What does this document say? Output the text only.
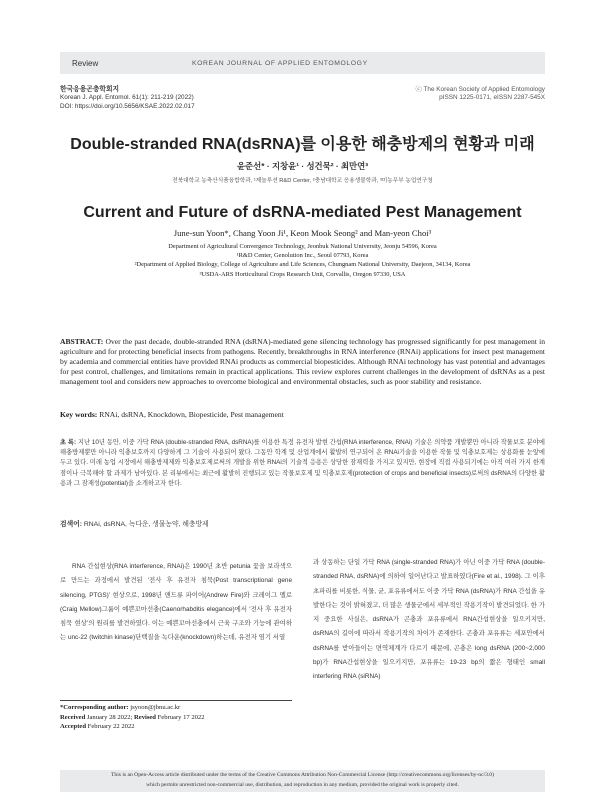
Review	KOREAN JOURNAL OF APPLIED ENTOMOLOGY
한국응용곤충학회지
Korean J. Appl. Entomol. 61(1): 211-219 (2022)
DOI: https://doi.org/10.5656/KSAE.2022.02.017
ⓒ The Korean Society of Applied Entomology
pISSN 1225-0171, eISSN 2287-545X
Double-stranded RNA(dsRNA)를 이용한 해충방제의 현황과 미래
윤준선* · 지창윤¹ · 성건묵² · 최만연³
전북대학교 농축산식품융합학과, ¹제놀루션 R&D Center, ²충남대학교 응용생물학과, ³미농무부 농업연구청
Current and Future of dsRNA-mediated Pest Management
June-sun Yoon*, Chang Yoon Ji¹, Keon Mook Seong² and Man-yeon Choi³
Department of Agricultural Convergence Technology, Jeonbuk National University, Jeonju 54596, Korea
¹R&D Center, Genolution Inc., Seoul 07793, Korea
²Department of Applied Biology, College of Agriculture and Life Sciences, Chungnam National University, Daejeon, 34134, Korea
³USDA-ARS Horticultural Crops Research Unit, Corvallis, Oregon 97330, USA
ABSTRACT: Over the past decade, double-stranded RNA (dsRNA)-mediated gene silencing technology has progressed significantly for pest management in agriculture and for protecting beneficial insects from pathogens. Recently, breakthroughs in RNA interference (RNAi) applications for insect pest management by academia and commercial entities have provided RNAi products as commercial biopesticides. Although RNAi technology has vast potential and advantages for pest control, challenges, and limitations remain in practical applications. This review explores current challenges in the development of dsRNAs as a pest management tool and considers new approaches to overcome biological and environmental obstacles, such as poor stability and resistance.
Key words: RNAi, dsRNA, Knockdown, Biopesticide, Pest management
초 록: 지난 10년 동안, 이중 가닥 RNA (double-stranded RNA, dsRNA)를 이용한 특정 유전자 발현 간섭(RNA interference, RNAi) 기술은 의약품 개발뿐만 아니라 작물보호 분야에 해충방제뿐만 아니라 익충보호까지 다양하게 그 기술이 사용되어 왔다. 그동안 학계 및 산업계에서 활발히 연구되어 온 RNAi기술을 이용한 작물 및 익충보호제는 상용화를 눈앞에 두고 있다. 미래 농업 시장에서 해충방제제와 익충보호제로써의 개발을 위한 RNAi의 기술적 응용은 상당한 잠재력을 가지고 있지만, 현장에 직접 사용되기에는 아직 여러 가지 한계점이나 극복해야 할 과제가 남아있다. 본 리뷰에서는 최근에 활발히 진행되고 있는 작물보호제 및 익충보호제(protection of crops and beneficial insects)로써의 dsRNA의 다양한 활용과 그 잠재성(potential)을 소개하고자 한다.
검색어: RNAi, dsRNA, 녹다운, 생물농약, 해충방제
RNA 간섭현상(RNA interference, RNAi)은 1990년 초반 petunia 꽃을 보라색으로 만드는 과정에서 발견된 ‘전사 후 유전자 침묵(Post transcriptional gene silencing, PTGS)’ 현상으로, 1998년 앤드류 파이어(Andrew Fire)와 크레이그 멜로(Craig Mellow)그룹이 예쁜꼬마선충(Caenorhabditis elegance)에서 ‘전사 후 유전자 침묵 현상’의 원리를 발견하였다. 이는 예쁜꼬마선충에서 근육 구조와 기능에 관여하는 unc-22 (twitchin kinase)단백질을 녹다운(knockdown)하는데, 유전자 염기 서열
과 상동하는 단일 가닥 RNA (single-stranded RNA)가 아닌 이중 가닥 RNA (double-stranded RNA, dsRNA)에 의하여 일어난다고 발표하였다(Fire et al., 1998). 그 이후 초파리를 비롯한, 식물, 균, 포유류에서도 이중 가닥 RNA (dsRNA)가 RNA 간섭을 유발한다는 것이 밝혀졌고, 더 많은 생물군에서 세부적인 작용기작이 발견되었다. 한 가지 중요한 사실은, dsRNA가 곤충과 포유류에서 RNA간섭현상을 일으키지만, dsRNA의 길이에 따라서 작용기작의 차이가 존재한다. 곤충과 포유류는 세포안에서 dsRNA를 받아들이는 면역체계가 다르기 때문에, 곤충은 long dsRNA (200~2,000 bp)가 RNA간섭현상을 일으키지만, 포유류는 19-23 bp의 짧은 형태인 small interfering RNA (siRNA)
*Corresponding author: jsyoon@jbnu.ac.kr
Received January 28 2022; Revised February 17 2022
Accepted February 22 2022
This is an Open-Access article distributed under the terms of the Creative Commons Attribution Non-Commercial License (http://creativecommons.org/licenses/by-nc/3.0)
which permits unrestricted non-commercial use, distribution, and reproduction in any medium, provided the original work is properly cited.
